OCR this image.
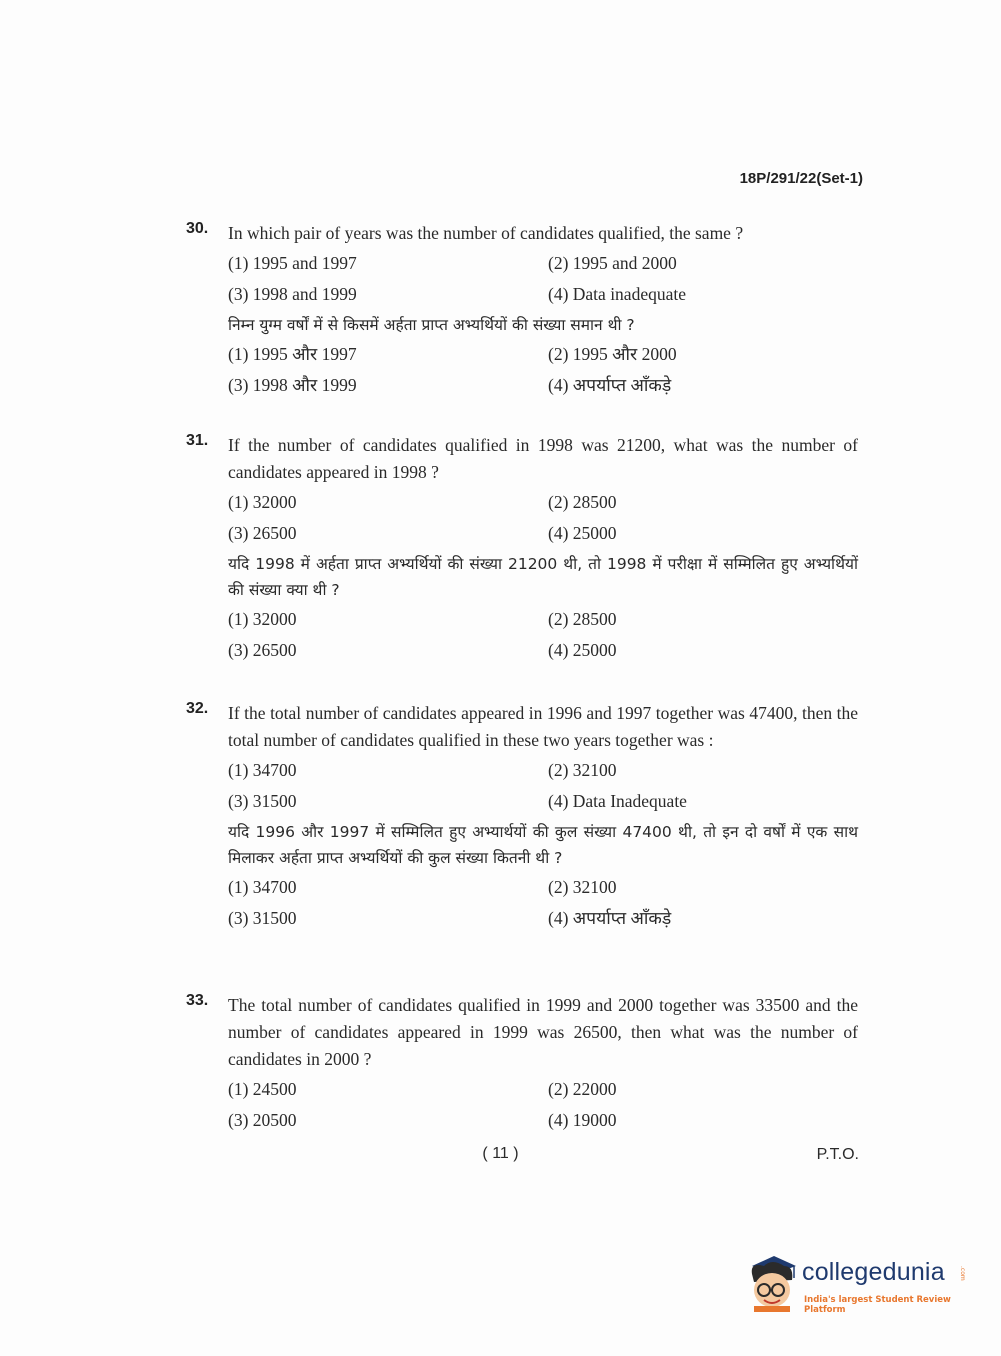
18P/291/22(Set-1)
30. In which pair of years was the number of candidates qualified, the same ?
(1) 1995 and 1997	(2) 1995 and 2000
(3) 1998 and 1999	(4) Data inadequate
निम्न युग्म वर्षों में से किसमें अर्हता प्राप्त अभ्यर्थियों की संख्या समान थी ?
(1) 1995 और 1997	(2) 1995 और 2000
(3) 1998 और 1999	(4) अपर्याप्त आँकड़े
31. If the number of candidates qualified in 1998 was 21200, what was the number of candidates appeared in 1998 ?
(1) 32000	(2) 28500
(3) 26500	(4) 25000
यदि 1998 में अर्हता प्राप्त अभ्यर्थियों की संख्या 21200 थी, तो 1998 में परीक्षा में सम्मिलित हुए अभ्यर्थियों की संख्या क्या थी ?
(1) 32000	(2) 28500
(3) 26500	(4) 25000
32. If the total number of candidates appeared in 1996 and 1997 together was 47400, then the total number of candidates qualified in these two years together was :
(1) 34700	(2) 32100
(3) 31500	(4) Data Inadequate
यदि 1996 और 1997 में सम्मिलित हुए अभ्यार्थयों की कुल संख्या 47400 थी, तो इन दो वर्षों में एक साथ मिलाकर अर्हता प्राप्त अभ्यर्थियों की कुल संख्या कितनी थी ?
(1) 34700	(2) 32100
(3) 31500	(4) अपर्याप्त आँकड़े
33. The total number of candidates qualified in 1999 and 2000 together was 33500 and the number of candidates appeared in 1999 was 26500, then what was the number of candidates in 2000 ?
(1) 24500	(2) 22000
(3) 20500	(4) 19000
( 11 )	P.T.O.
collegedunia .com
India's largest Student Review Platform
